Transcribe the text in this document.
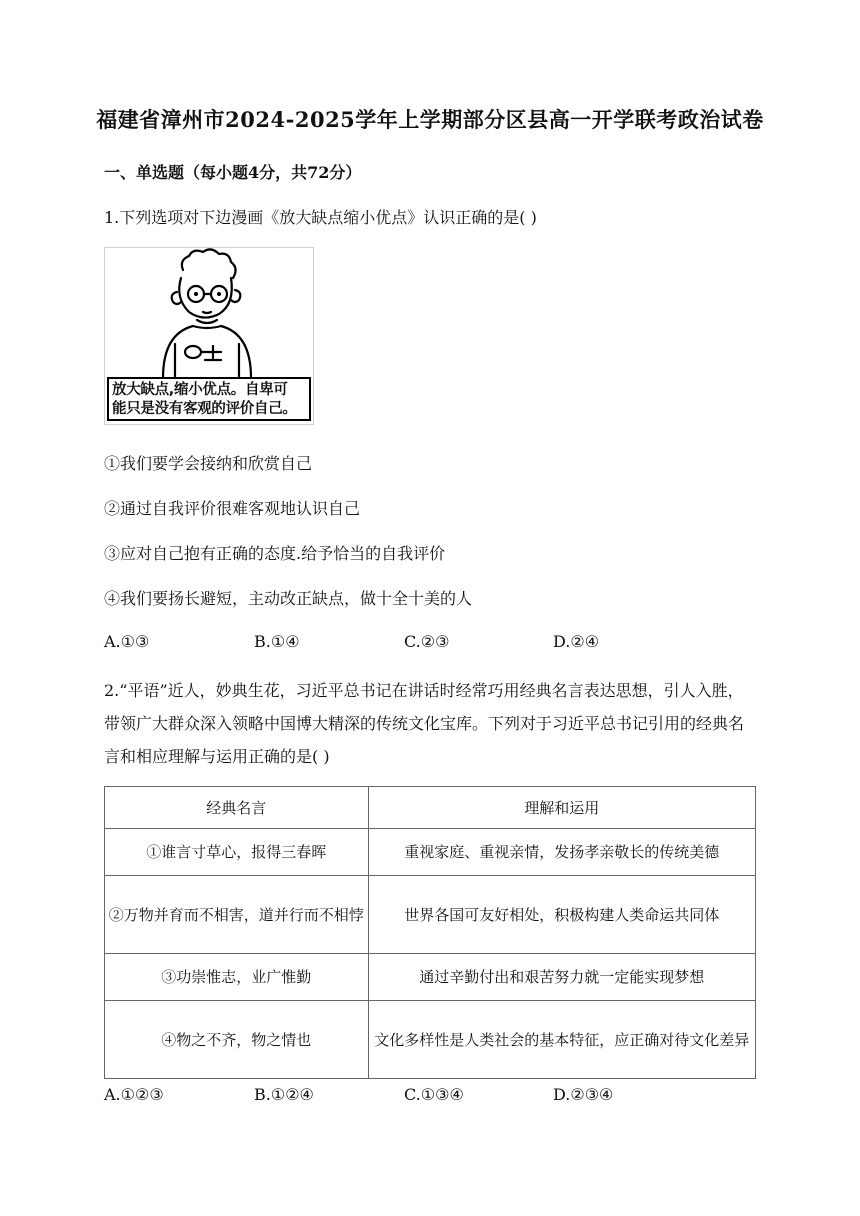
福建省漳州市2024-2025学年上学期部分区县高一开学联考政治试卷
一、单选题（每小题4分，共72分）
1.下列选项对下边漫画《放大缺点缩小优点》认识正确的是( )
放大缺点,缩小优点。自卑可
能只是没有客观的评价自己。
①我们要学会接纳和欣赏自己
②通过自我评价很难客观地认识自己
③应对自己抱有正确的态度.给予恰当的自我评价
④我们要扬长避短，主动改正缺点，做十全十美的人
A.①③	B.①④	C.②③	D.②④
2.“平语”近人，妙典生花，习近平总书记在讲话时经常巧用经典名言表达思想，引人入胜，带领广大群众深入领略中国博大精深的传统文化宝库。下列对于习近平总书记引用的经典名言和相应理解与运用正确的是( )
经典名言	理解和运用
①谁言寸草心，报得三春晖	重视家庭、重视亲情，发扬孝亲敬长的传统美德
②万物并育而不相害，道并行而不相悖	世界各国可友好相处，积极构建人类命运共同体
③功崇惟志，业广惟勤	通过辛勤付出和艰苦努力就一定能实现梦想
④物之不齐，物之情也	文化多样性是人类社会的基本特征，应正确对待文化差异
A.①②③	B.①②④	C.①③④	D.②③④
